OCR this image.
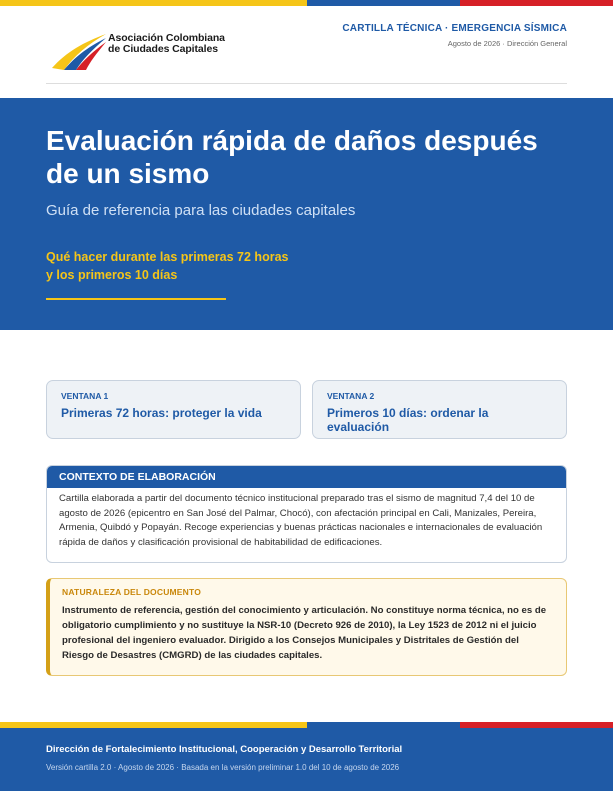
Asociación Colombiana
de Ciudades Capitales
CARTILLA TÉCNICA · EMERGENCIA SÍSMICA
Agosto de 2026 · Dirección General
Evaluación rápida de daños después de un sismo
Guía de referencia para las ciudades capitales
Qué hacer durante las primeras 72 horas
y los primeros 10 días
VENTANA 1
Primeras 72 horas: proteger la vida
VENTANA 2
Primeros 10 días: ordenar la evaluación
CONTEXTO DE ELABORACIÓN
Cartilla elaborada a partir del documento técnico institucional preparado tras el sismo de magnitud 7,4 del 10 de agosto de 2026 (epicentro en San José del Palmar, Chocó), con afectación principal en Cali, Manizales, Pereira, Armenia, Quibdó y Popayán. Recoge experiencias y buenas prácticas nacionales e internacionales de evaluación rápida de daños y clasificación provisional de habitabilidad de edificaciones.
NATURALEZA DEL DOCUMENTO
Instrumento de referencia, gestión del conocimiento y articulación. No constituye norma técnica, no es de obligatorio cumplimiento y no sustituye la NSR-10 (Decreto 926 de 2010), la Ley 1523 de 2012 ni el juicio profesional del ingeniero evaluador. Dirigido a los Consejos Municipales y Distritales de Gestión del Riesgo de Desastres (CMGRD) de las ciudades capitales.
Dirección de Fortalecimiento Institucional, Cooperación y Desarrollo Territorial
Versión cartilla 2.0 · Agosto de 2026 · Basada en la versión preliminar 1.0 del 10 de agosto de 2026
